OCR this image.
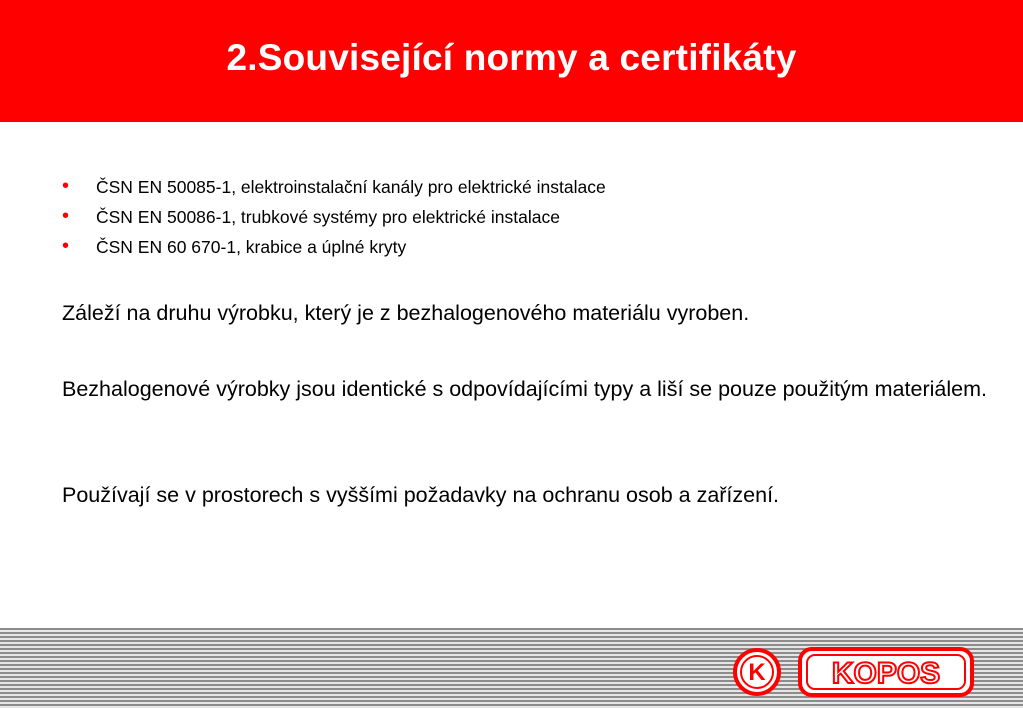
2.Související normy a certifikáty
• ČSN EN 50085-1, elektroinstalační kanály pro elektrické instalace
• ČSN EN 50086-1, trubkové systémy pro elektrické instalace
• ČSN EN 60 670-1, krabice a úplné kryty

Záleží na druhu výrobku, který je z bezhalogenového materiálu vyroben.

Bezhalogenové výrobky jsou identické s odpovídajícími typy a liší se pouze použitým materiálem.

Používají se v prostorech s vyššími požadavky na ochranu osob a zařízení.

K KOPOS
